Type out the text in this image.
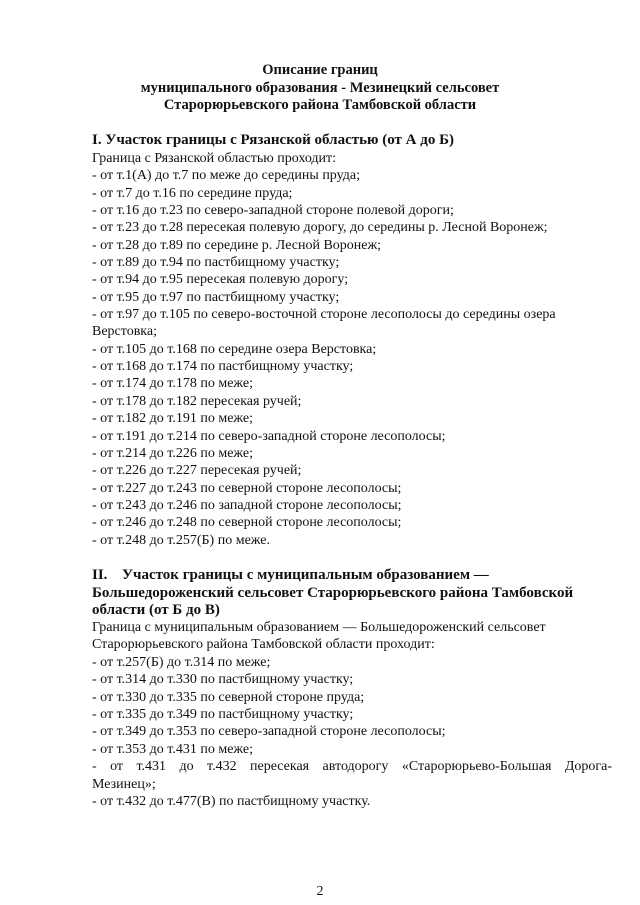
Описание границ
муниципального образования - Мезинецкий сельсовет
Старорюрьевского района Тамбовской области
I. Участок границы с Рязанской областью (от А до Б)
Граница с Рязанской областью проходит:
- от т.1(А) до т.7 по меже до середины пруда;
- от т.7 до т.16 по середине пруда;
- от т.16 до т.23 по северо-западной стороне полевой дороги;
- от т.23 до т.28 пересекая полевую дорогу, до середины р. Лесной Воронеж;
- от т.28 до т.89 по середине р. Лесной Воронеж;
- от т.89 до т.94 по пастбищному участку;
- от т.94 до т.95 пересекая полевую дорогу;
- от т.95 до т.97 по пастбищному участку;
- от т.97 до т.105 по северо-восточной стороне лесополосы до середины озера
Верстовка;
- от т.105 до т.168 по середине озера Верстовка;
- от т.168 до т.174 по пастбищному участку;
- от т.174 до т.178 по меже;
- от т.178 до т.182 пересекая ручей;
- от т.182 до т.191 по меже;
- от т.191 до т.214 по северо-западной стороне лесополосы;
- от т.214 до т.226 по меже;
- от т.226 до т.227 пересекая ручей;
- от т.227 до т.243 по северной стороне лесополосы;
- от т.243 до т.246 по западной стороне лесополосы;
- от т.246 до т.248 по северной стороне лесополосы;
- от т.248 до т.257(Б) по меже.
II. Участок границы с муниципальным образованием —
Большедороженский сельсовет Старорюрьевского района Тамбовской
области (от Б до В)
Граница с муниципальным образованием — Большедороженский сельсовет
Старорюрьевского района Тамбовской области проходит:
- от т.257(Б) до т.314 по меже;
- от т.314 до т.330 по пастбищному участку;
- от т.330 до т.335 по северной стороне пруда;
- от т.335 до т.349 по пастбищному участку;
- от т.349 до т.353 по северо-западной стороне лесополосы;
- от т.353 до т.431 по меже;
- от т.431 до т.432 пересекая автодорогу «Старорюрьево-Большая Дорога-
Мезинец»;
- от т.432 до т.477(В) по пастбищному участку.
2
